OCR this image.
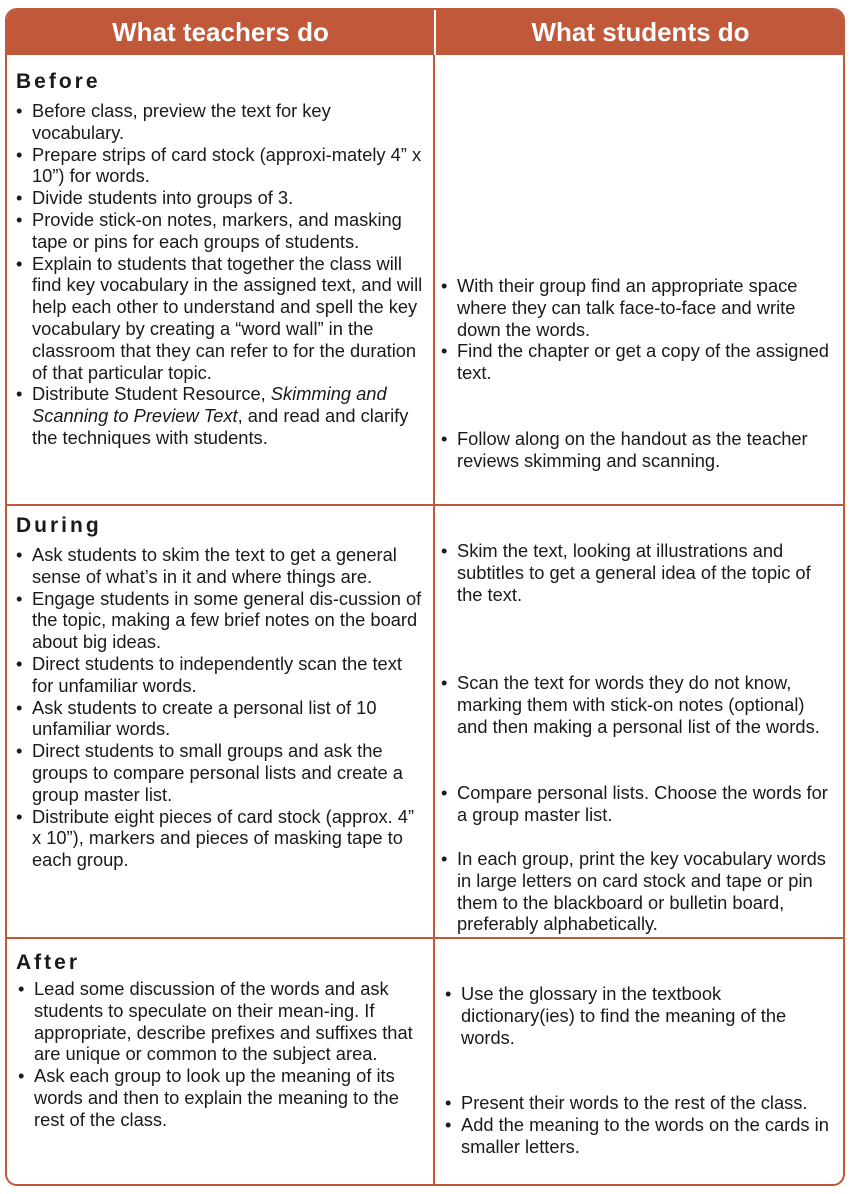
What teachers do	What students do
Before
• Before class, preview the text for key vocabulary.
• Prepare strips of card stock (approxi-mately 4” x 10”) for words.
• Divide students into groups of 3.
• Provide stick-on notes, markers, and masking tape or pins for each groups of students.
• Explain to students that together the class will find key vocabulary in the assigned text, and will help each other to understand and spell the key vocabulary by creating a “word wall” in the classroom that they can refer to for the duration of that particular topic.
• Distribute Student Resource, Skimming and Scanning to Preview Text, and read and clarify the techniques with students.
• With their group find an appropriate space where they can talk face-to-face and write down the words.
• Find the chapter or get a copy of the assigned text.
• Follow along on the handout as the teacher reviews skimming and scanning.
During
• Ask students to skim the text to get a general sense of what’s in it and where things are.
• Engage students in some general dis-cussion of the topic, making a few brief notes on the board about big ideas.
• Direct students to independently scan the text for unfamiliar words.
• Ask students to create a personal list of 10 unfamiliar words.
• Direct students to small groups and ask the groups to compare personal lists and create a group master list.
• Distribute eight pieces of card stock (approx. 4” x 10”), markers and pieces of masking tape to each group.
• Skim the text, looking at illustrations and subtitles to get a general idea of the topic of the text.
• Scan the text for words they do not know, marking them with stick-on notes (optional) and then making a personal list of the words.
• Compare personal lists. Choose the words for a group master list.
• In each group, print the key vocabulary words in large letters on card stock and tape or pin them to the blackboard or bulletin board, preferably alphabetically.
After
• Lead some discussion of the words and ask students to speculate on their mean-ing. If appropriate, describe prefixes and suffixes that are unique or common to the subject area.
• Ask each group to look up the meaning of its words and then to explain the meaning to the rest of the class.
• Use the glossary in the textbook dictionary(ies) to find the meaning of the words.
• Present their words to the rest of the class.
• Add the meaning to the words on the cards in smaller letters.
